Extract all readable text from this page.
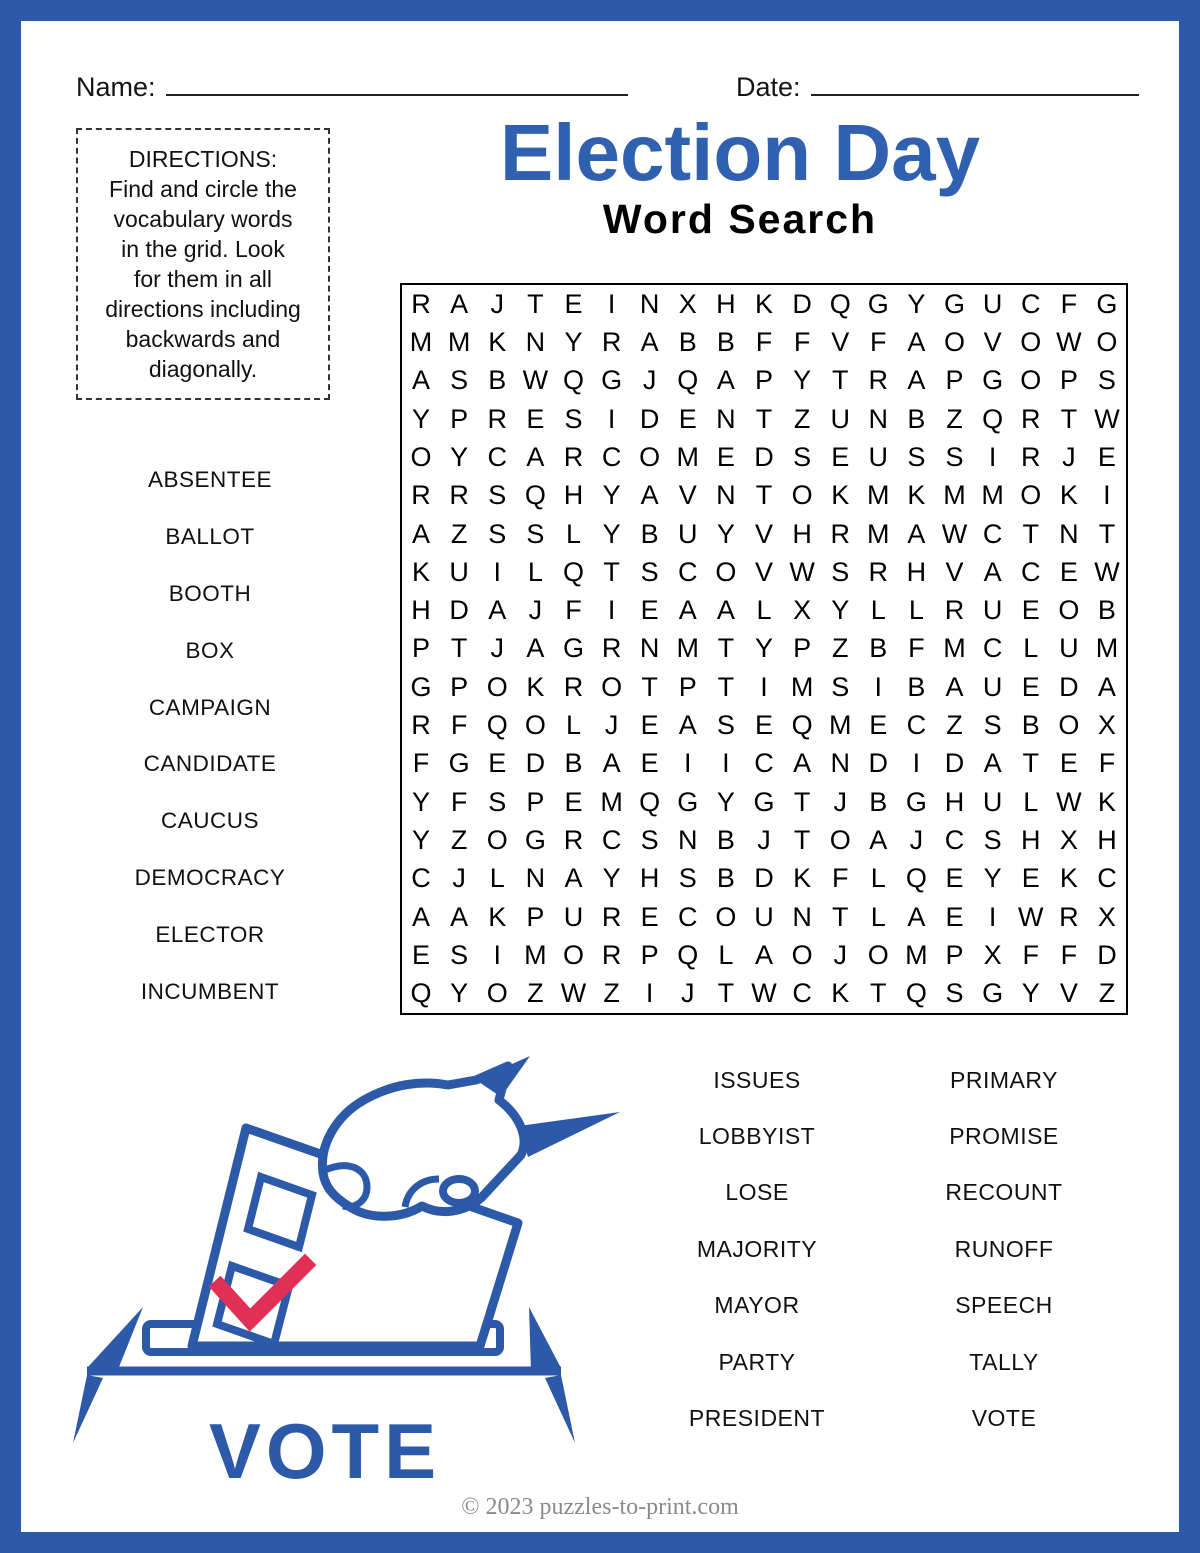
Name:	Date:
DIRECTIONS:
Find and circle the
vocabulary words
in the grid. Look
for them in all
directions including
backwards and
diagonally.
Election Day
Word Search
R A J T E I N X H K D Q G Y G U C F G
M M K N Y R A B B F F V F A O V O W O
A S B W Q G J Q A P Y T R A P G O P S
Y P R E S I D E N T Z U N B Z Q R T W
O Y C A R C O M E D S E U S S I R J E
R R S Q H Y A V N T O K M K M M O K I
A Z S S L Y B U Y V H R M A W C T N T
K U I L Q T S C O V W S R H V A C E W
H D A J F I E A A L X Y L L R U E O B
P T J A G R N M T Y P Z B F M C L U M
G P O K R O T P T I M S I B A U E D A
R F Q O L J E A S E Q M E C Z S B O X
F G E D B A E I	I C A N D I D A T E F
Y F S P E M Q G Y G T J B G H U L W K
Y Z O G R C S N B J T O A J C S H X H
C J L N A Y H S B D K F L Q E Y E K C
A A K P U R E C O U N T L A E I W R X
E S I M O R P Q L A O J O M P X F F D
Q Y O Z W Z I	J T W C K T Q S G Y V Z
ABSENTEE
BALLOT
BOOTH
BOX
CAMPAIGN
CANDIDATE
CAUCUS
DEMOCRACY
ELECTOR
INCUMBENT
ISSUES
LOBBYIST
LOSE
MAJORITY
MAYOR
PARTY
PRESIDENT
PRIMARY
PROMISE
RECOUNT
RUNOFF
SPEECH
TALLY
VOTE
VOTE
© 2023 puzzles-to-print.com
